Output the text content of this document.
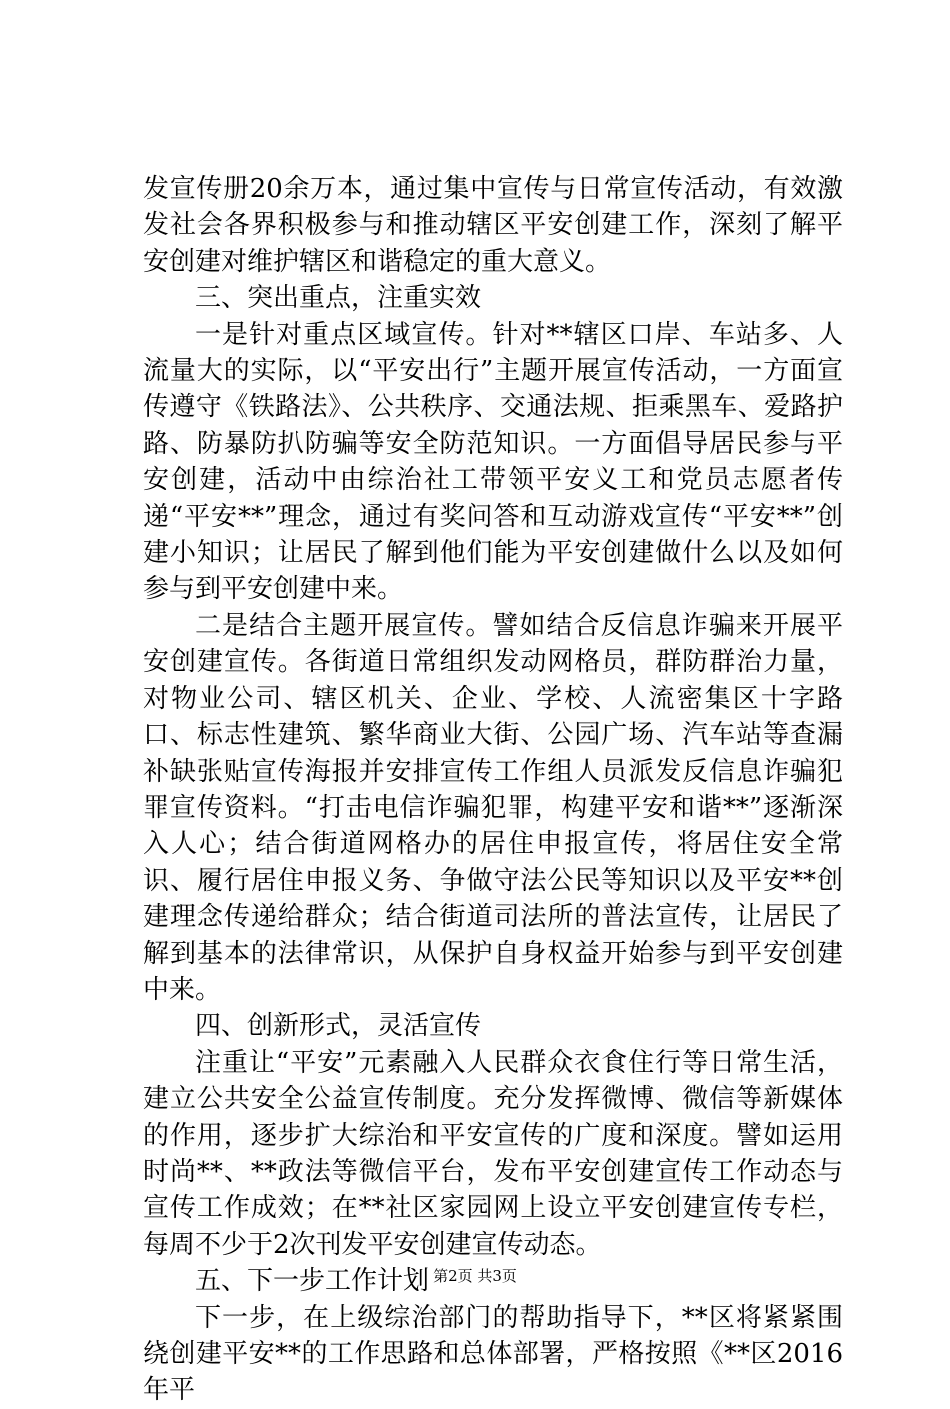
发宣传册20余万本，通过集中宣传与日常宣传活动，有效激发社会各界积极参与和推动辖区平安创建工作，深刻了解平安创建对维护辖区和谐稳定的重大意义。

三、突出重点，注重实效

一是针对重点区域宣传。针对**辖区口岸、车站多、人流量大的实际，以“平安出行”主题开展宣传活动，一方面宣传遵守《铁路法》、公共秩序、交通法规、拒乘黑车、爱路护路、防暴防扒防骗等安全防范知识。一方面倡导居民参与平安创建，活动中由综治社工带领平安义工和党员志愿者传递“平安**”理念，通过有奖问答和互动游戏宣传“平安**”创建小知识；让居民了解到他们能为平安创建做什么以及如何参与到平安创建中来。

二是结合主题开展宣传。譬如结合反信息诈骗来开展平安创建宣传。各街道日常组织发动网格员，群防群治力量，对物业公司、辖区机关、企业、学校、人流密集区十字路口、标志性建筑、繁华商业大街、公园广场、汽车站等查漏补缺张贴宣传海报并安排宣传工作组人员派发反信息诈骗犯罪宣传资料。“打击电信诈骗犯罪，构建平安和谐**”逐渐深入人心；结合街道网格办的居住申报宣传，将居住安全常识、履行居住申报义务、争做守法公民等知识以及平安**创建理念传递给群众；结合街道司法所的普法宣传，让居民了解到基本的法律常识，从保护自身权益开始参与到平安创建中来。

四、创新形式，灵活宣传

注重让“平安”元素融入人民群众衣食住行等日常生活，建立公共安全公益宣传制度。充分发挥微博、微信等新媒体的作用，逐步扩大综治和平安宣传的广度和深度。譬如运用时尚**、**政法等微信平台，发布平安创建宣传工作动态与宣传工作成效；在**社区家园网上设立平安创建宣传专栏，每周不少于2次刊发平安创建宣传动态。

五、下一步工作计划

下一步，在上级综治部门的帮助指导下，**区将紧紧围绕创建平安**的工作思路和总体部署，严格按照《**区2016年平

第2页 共3页
